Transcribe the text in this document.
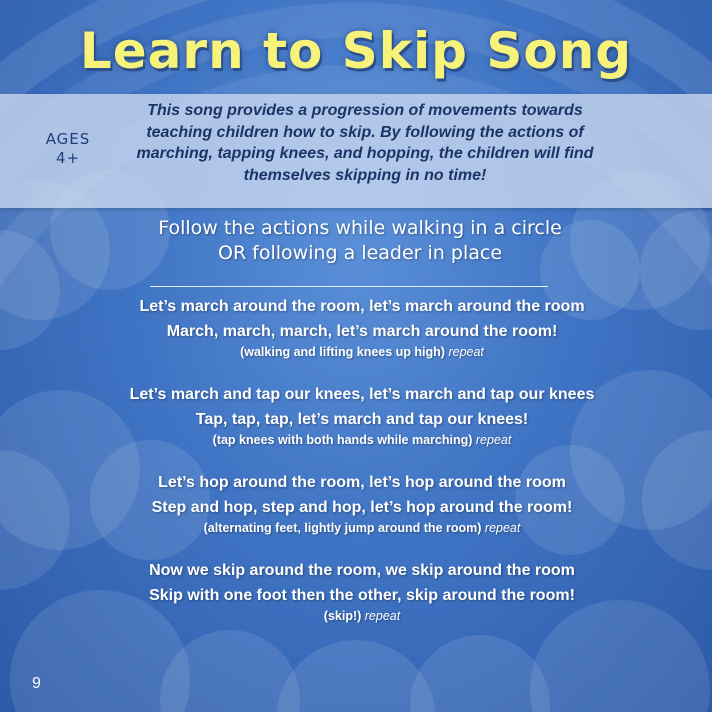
Learn to Skip Song
AGES
4+
This song provides a progression of movements towards teaching children how to skip. By following the actions of marching, tapping knees, and hopping, the children will find themselves skipping in no time!
Follow the actions while walking in a circle
OR following a leader in place
Let’s march around the room, let’s march around the room
March, march, march, let’s march around the room!
(walking and lifting knees up high) repeat
Let’s march and tap our knees, let’s march and tap our knees
Tap, tap, tap, let’s march and tap our knees!
(tap knees with both hands while marching) repeat
Let’s hop around the room, let’s hop around the room
Step and hop, step and hop, let’s hop around the room!
(alternating feet, lightly jump around the room) repeat
Now we skip around the room, we skip around the room
Skip with one foot then the other, skip around the room!
(skip!) repeat
9
